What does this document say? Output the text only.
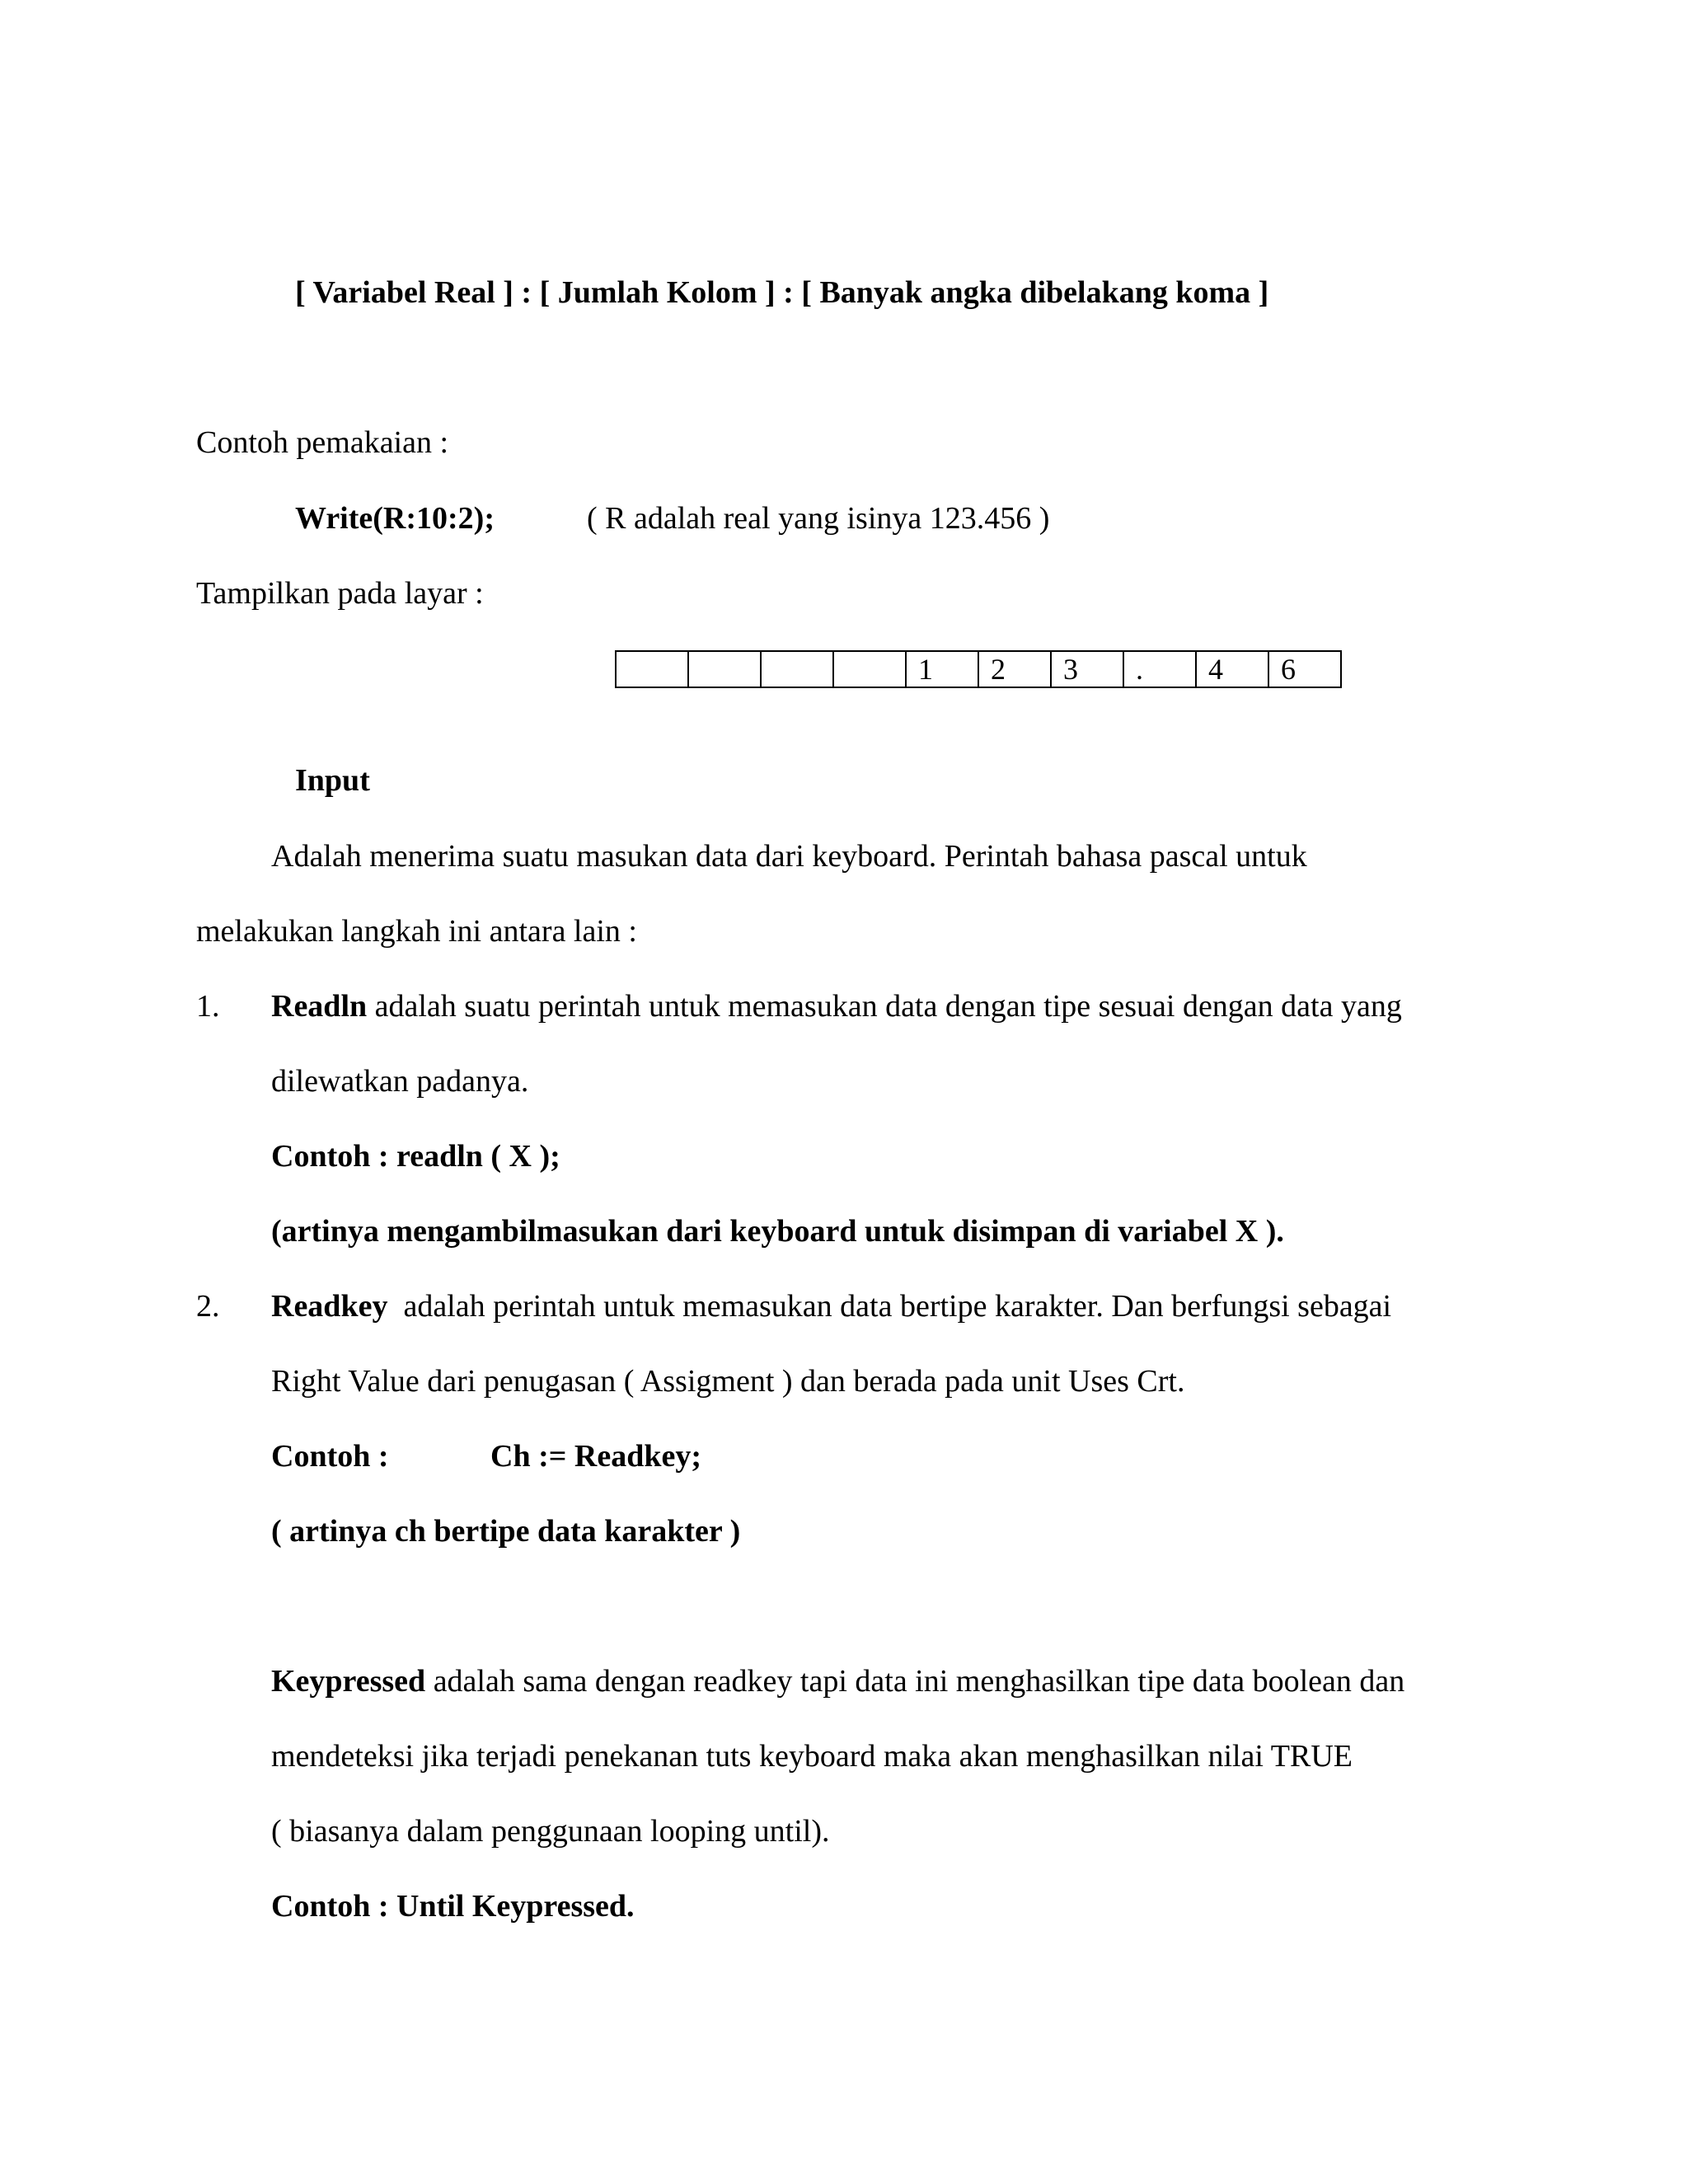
[ Variabel Real ] : [ Jumlah Kolom ] : [ Banyak angka dibelakang koma ]
Contoh pemakaian :
Write(R:10:2);	( R adalah real yang isinya 123.456 )
Tampilkan pada layar :
				1	2	3	.	4	6
Input
Adalah menerima suatu masukan data dari keyboard. Perintah bahasa pascal untuk
melakukan langkah ini antara lain :
1. Readln adalah suatu perintah untuk memasukan data dengan tipe sesuai dengan data yang
dilewatkan padanya.
Contoh : readln ( X );
(artinya mengambilmasukan dari keyboard untuk disimpan di variabel X ).
2. Readkey  adalah perintah untuk memasukan data bertipe karakter. Dan berfungsi sebagai
Right Value dari penugasan ( Assigment ) dan berada pada unit Uses Crt.
Contoh :	Ch := Readkey;
( artinya ch bertipe data karakter )
Keypressed adalah sama dengan readkey tapi data ini menghasilkan tipe data boolean dan
mendeteksi jika terjadi penekanan tuts keyboard maka akan menghasilkan nilai TRUE
( biasanya dalam penggunaan looping until).
Contoh : Until Keypressed.
